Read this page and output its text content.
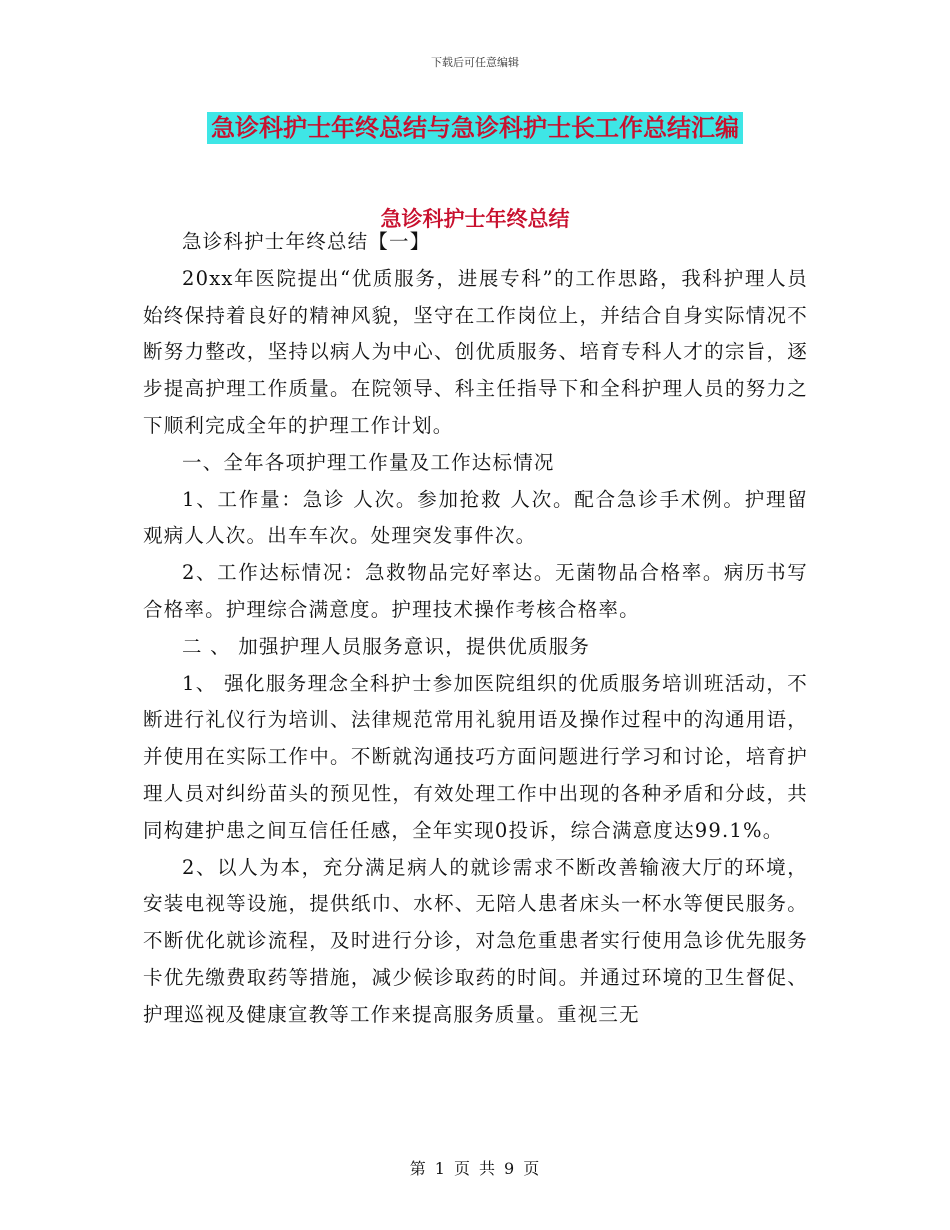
下载后可任意编辑
急诊科护士年终总结与急诊科护士长工作总结汇编
急诊科护士年终总结

急诊科护士年终总结【一】

20xx年医院提出“优质服务，进展专科”的工作思路，我科护理人员始终保持着良好的精神风貌，坚守在工作岗位上，并结合自身实际情况不断努力整改，坚持以病人为中心、创优质服务、培育专科人才的宗旨，逐步提高护理工作质量。在院领导、科主任指导下和全科护理人员的努力之下顺利完成全年的护理工作计划。

一、全年各项护理工作量及工作达标情况

1、工作量：急诊 人次。参加抢救 人次。配合急诊手术例。护理留观病人人次。出车车次。处理突发事件次。

2、工作达标情况：急救物品完好率达。无菌物品合格率。病历书写合格率。护理综合满意度。护理技术操作考核合格率。

二 、 加强护理人员服务意识，提供优质服务

1、 强化服务理念全科护士参加医院组织的优质服务培训班活动，不断进行礼仪行为培训、法律规范常用礼貌用语及操作过程中的沟通用语，并使用在实际工作中。不断就沟通技巧方面问题进行学习和讨论，培育护理人员对纠纷苗头的预见性，有效处理工作中出现的各种矛盾和分歧，共同构建护患之间互信任任感，全年实现0投诉，综合满意度达99.1%。

2、以人为本，充分满足病人的就诊需求不断改善输液大厅的环境，安装电视等设施，提供纸巾、水杯、无陪人患者床头一杯水等便民服务。不断优化就诊流程，及时进行分诊，对急危重患者实行使用急诊优先服务卡优先缴费取药等措施，减少候诊取药的时间。并通过环境的卫生督促、护理巡视及健康宣教等工作来提高服务质量。重视三无

第 1 页 共 9 页
